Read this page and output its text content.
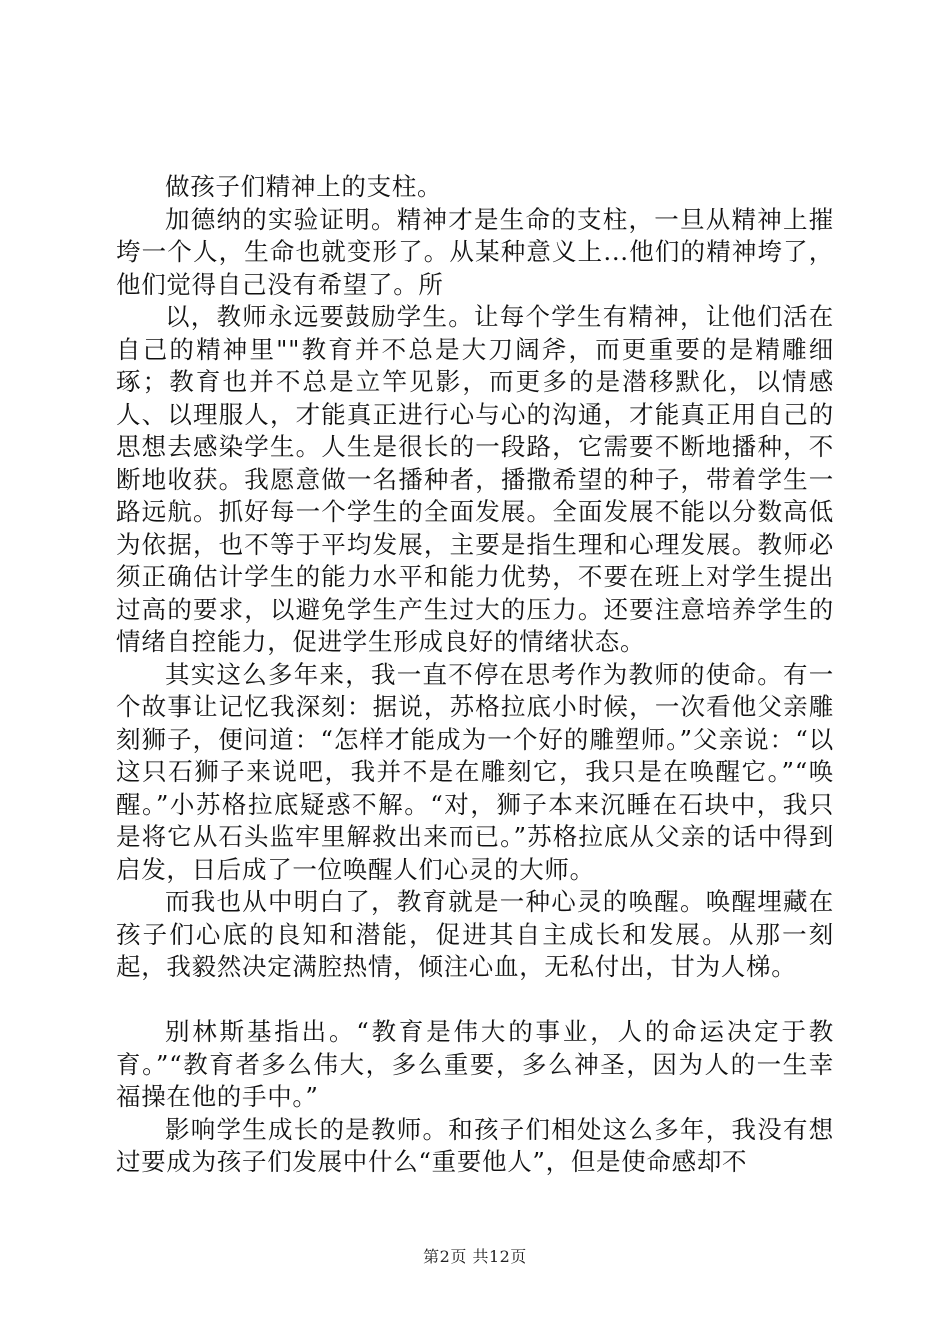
做孩子们精神上的支柱。

加德纳的实验证明。精神才是生命的支柱，一旦从精神上摧垮一个人，生命也就变形了。从某种意义上...他们的精神垮了，他们觉得自己没有希望了。所

以，教师永远要鼓励学生。让每个学生有精神，让他们活在自己的精神里""教育并不总是大刀阔斧，而更重要的是精雕细琢；教育也并不总是立竿见影，而更多的是潜移默化，以情感人、以理服人，才能真正进行心与心的沟通，才能真正用自己的思想去感染学生。人生是很长的一段路，它需要不断地播种，不断地收获。我愿意做一名播种者，播撒希望的种子，带着学生一路远航。抓好每一个学生的全面发展。全面发展不能以分数高低为依据，也不等于平均发展，主要是指生理和心理发展。教师必须正确估计学生的能力水平和能力优势，不要在班上对学生提出过高的要求，以避免学生产生过大的压力。还要注意培养学生的情绪自控能力，促进学生形成良好的情绪状态。

其实这么多年来，我一直不停在思考作为教师的使命。有一个故事让记忆我深刻：据说，苏格拉底小时候，一次看他父亲雕刻狮子，便问道：“怎样才能成为一个好的雕塑师。”父亲说：“以这只石狮子来说吧，我并不是在雕刻它，我只是在唤醒它。”“唤醒。”小苏格拉底疑惑不解。“对，狮子本来沉睡在石块中，我只是将它从石头监牢里解救出来而已。”苏格拉底从父亲的话中得到启发，日后成了一位唤醒人们心灵的大师。

而我也从中明白了，教育就是一种心灵的唤醒。唤醒埋藏在孩子们心底的良知和潜能，促进其自主成长和发展。从那一刻起，我毅然决定满腔热情，倾注心血，无私付出，甘为人梯。

别林斯基指出。“教育是伟大的事业，人的命运决定于教育。”“教育者多么伟大，多么重要，多么神圣，因为人的一生幸福操在他的手中。”

影响学生成长的是教师。和孩子们相处这么多年，我没有想过要成为孩子们发展中什么“重要他人”，但是使命感却不

第2页 共12页
